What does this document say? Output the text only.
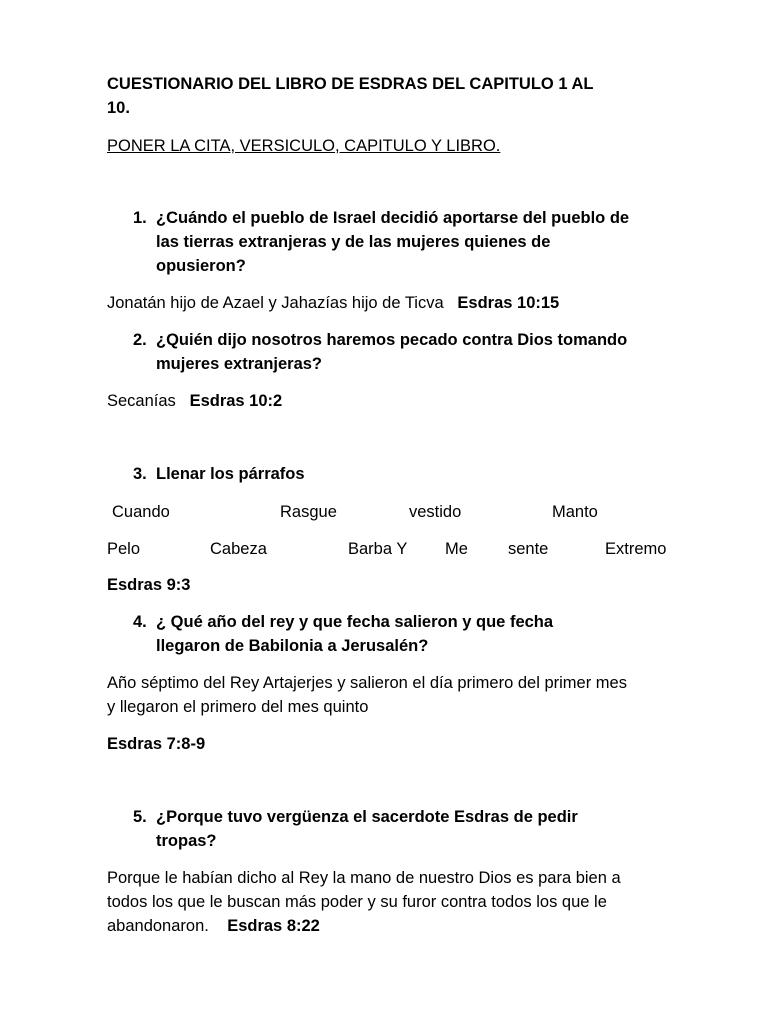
CUESTIONARIO DEL LIBRO DE ESDRAS DEL CAPITULO 1 AL
10.
PONER LA CITA, VERSICULO, CAPITULO Y LIBRO.
1. ¿Cuándo el pueblo de Israel decidió aportarse del pueblo de
las tierras extranjeras y de las mujeres quienes de
opusieron?
Jonatán hijo de Azael y Jahazías hijo de Ticva Esdras 10:15
2. ¿Quién dijo nosotros haremos pecado contra Dios tomando
mujeres extranjeras?
Secanías Esdras 10:2
3. Llenar los párrafos
Cuando	Rasgue	vestido	Manto
Pelo	Cabeza	Barba Y Me sente	Extremo
Esdras 9:3
4. ¿ Qué año del rey y que fecha salieron y que fecha
llegaron de Babilonia a Jerusalén?
Año séptimo del Rey Artajerjes y salieron el día primero del primer mes
y llegaron el primero del mes quinto
Esdras 7:8-9
5. ¿Porque tuvo vergüenza el sacerdote Esdras de pedir
tropas?
Porque le habían dicho al Rey la mano de nuestro Dios es para bien a
todos los que le buscan más poder y su furor contra todos los que le
abandonaron. Esdras 8:22
